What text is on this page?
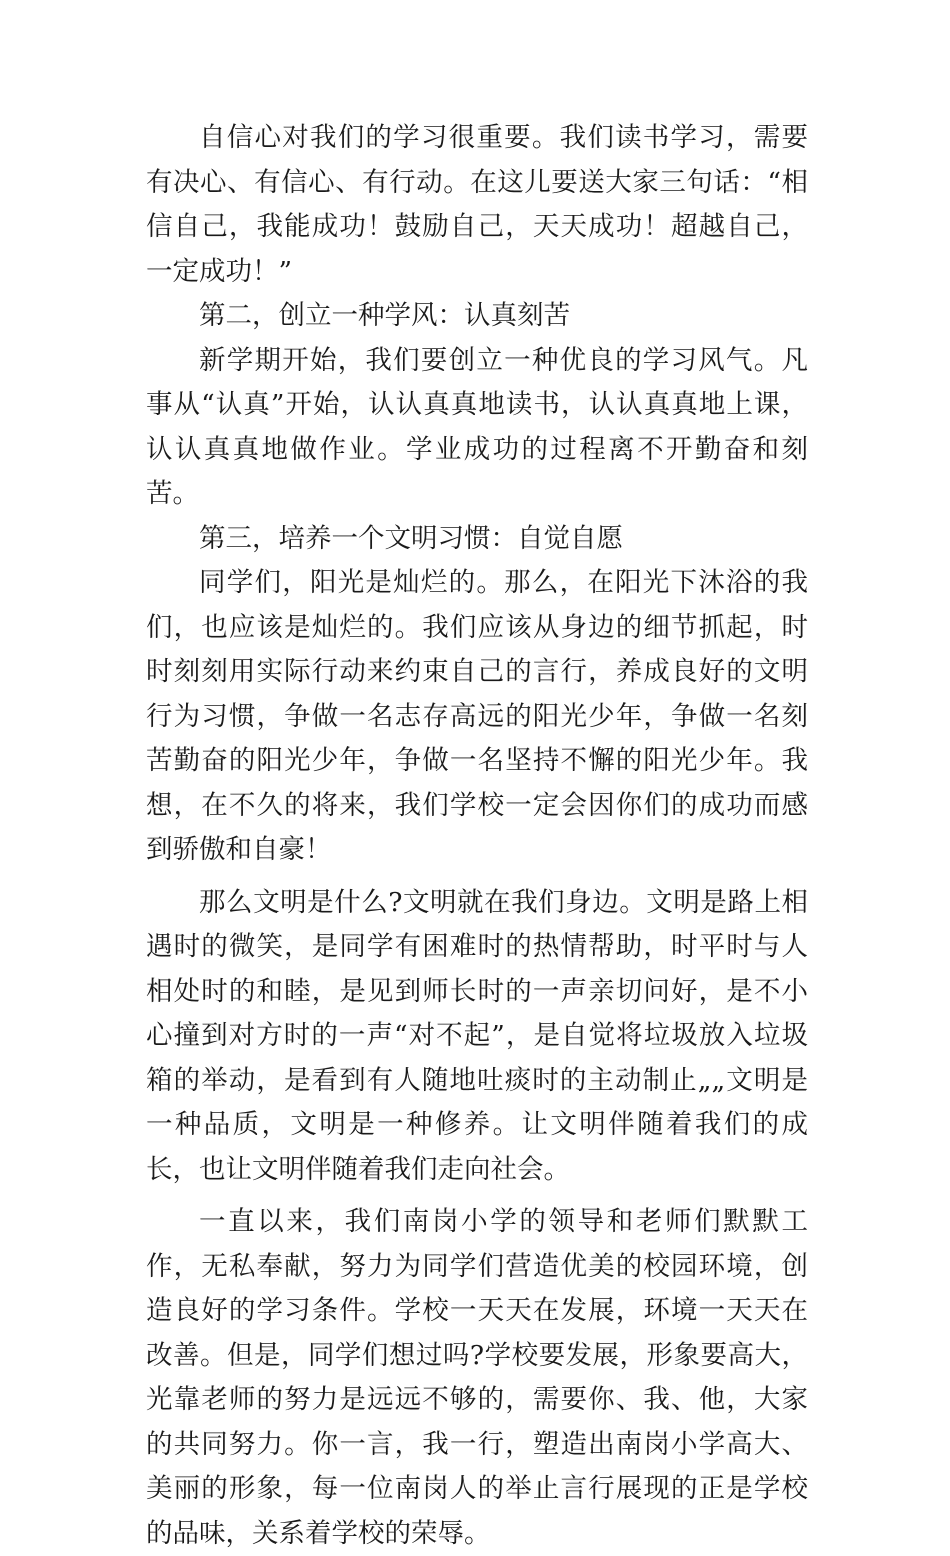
自信心对我们的学习很重要。我们读书学习，需要有决心、有信心、有行动。在这儿要送大家三句话：“相信自己，我能成功！鼓励自己，天天成功！超越自己，一定成功！”

第二，创立一种学风：认真刻苦

新学期开始，我们要创立一种优良的学习风气。凡事从“认真”开始，认认真真地读书，认认真真地上课，认认真真地做作业。学业成功的过程离不开勤奋和刻苦。

第三，培养一个文明习惯：自觉自愿

同学们，阳光是灿烂的。那么，在阳光下沐浴的我们，也应该是灿烂的。我们应该从身边的细节抓起，时时刻刻用实际行动来约束自己的言行，养成良好的文明行为习惯，争做一名志存高远的阳光少年，争做一名刻苦勤奋的阳光少年，争做一名坚持不懈的阳光少年。我想，在不久的将来，我们学校一定会因你们的成功而感到骄傲和自豪！

那么文明是什么?文明就在我们身边。文明是路上相遇时的微笑，是同学有困难时的热情帮助，时平时与人相处时的和睦，是见到师长时的一声亲切问好，是不小心撞到对方时的一声“对不起”，是自觉将垃圾放入垃圾箱的举动，是看到有人随地吐痰时的主动制止„„文明是一种品质，文明是一种修养。让文明伴随着我们的成长，也让文明伴随着我们走向社会。

一直以来，我们南岗小学的领导和老师们默默工作，无私奉献，努力为同学们营造优美的校园环境，创造良好的学习条件。学校一天天在发展，环境一天天在改善。但是，同学们想过吗?学校要发展，形象要高大，光靠老师的努力是远远不够的，需要你、我、他，大家的共同努力。你一言，我一行，塑造出南岗小学高大、美丽的形象，每一位南岗人的举止言行展现的正是学校的品味，关系着学校的荣辱。
